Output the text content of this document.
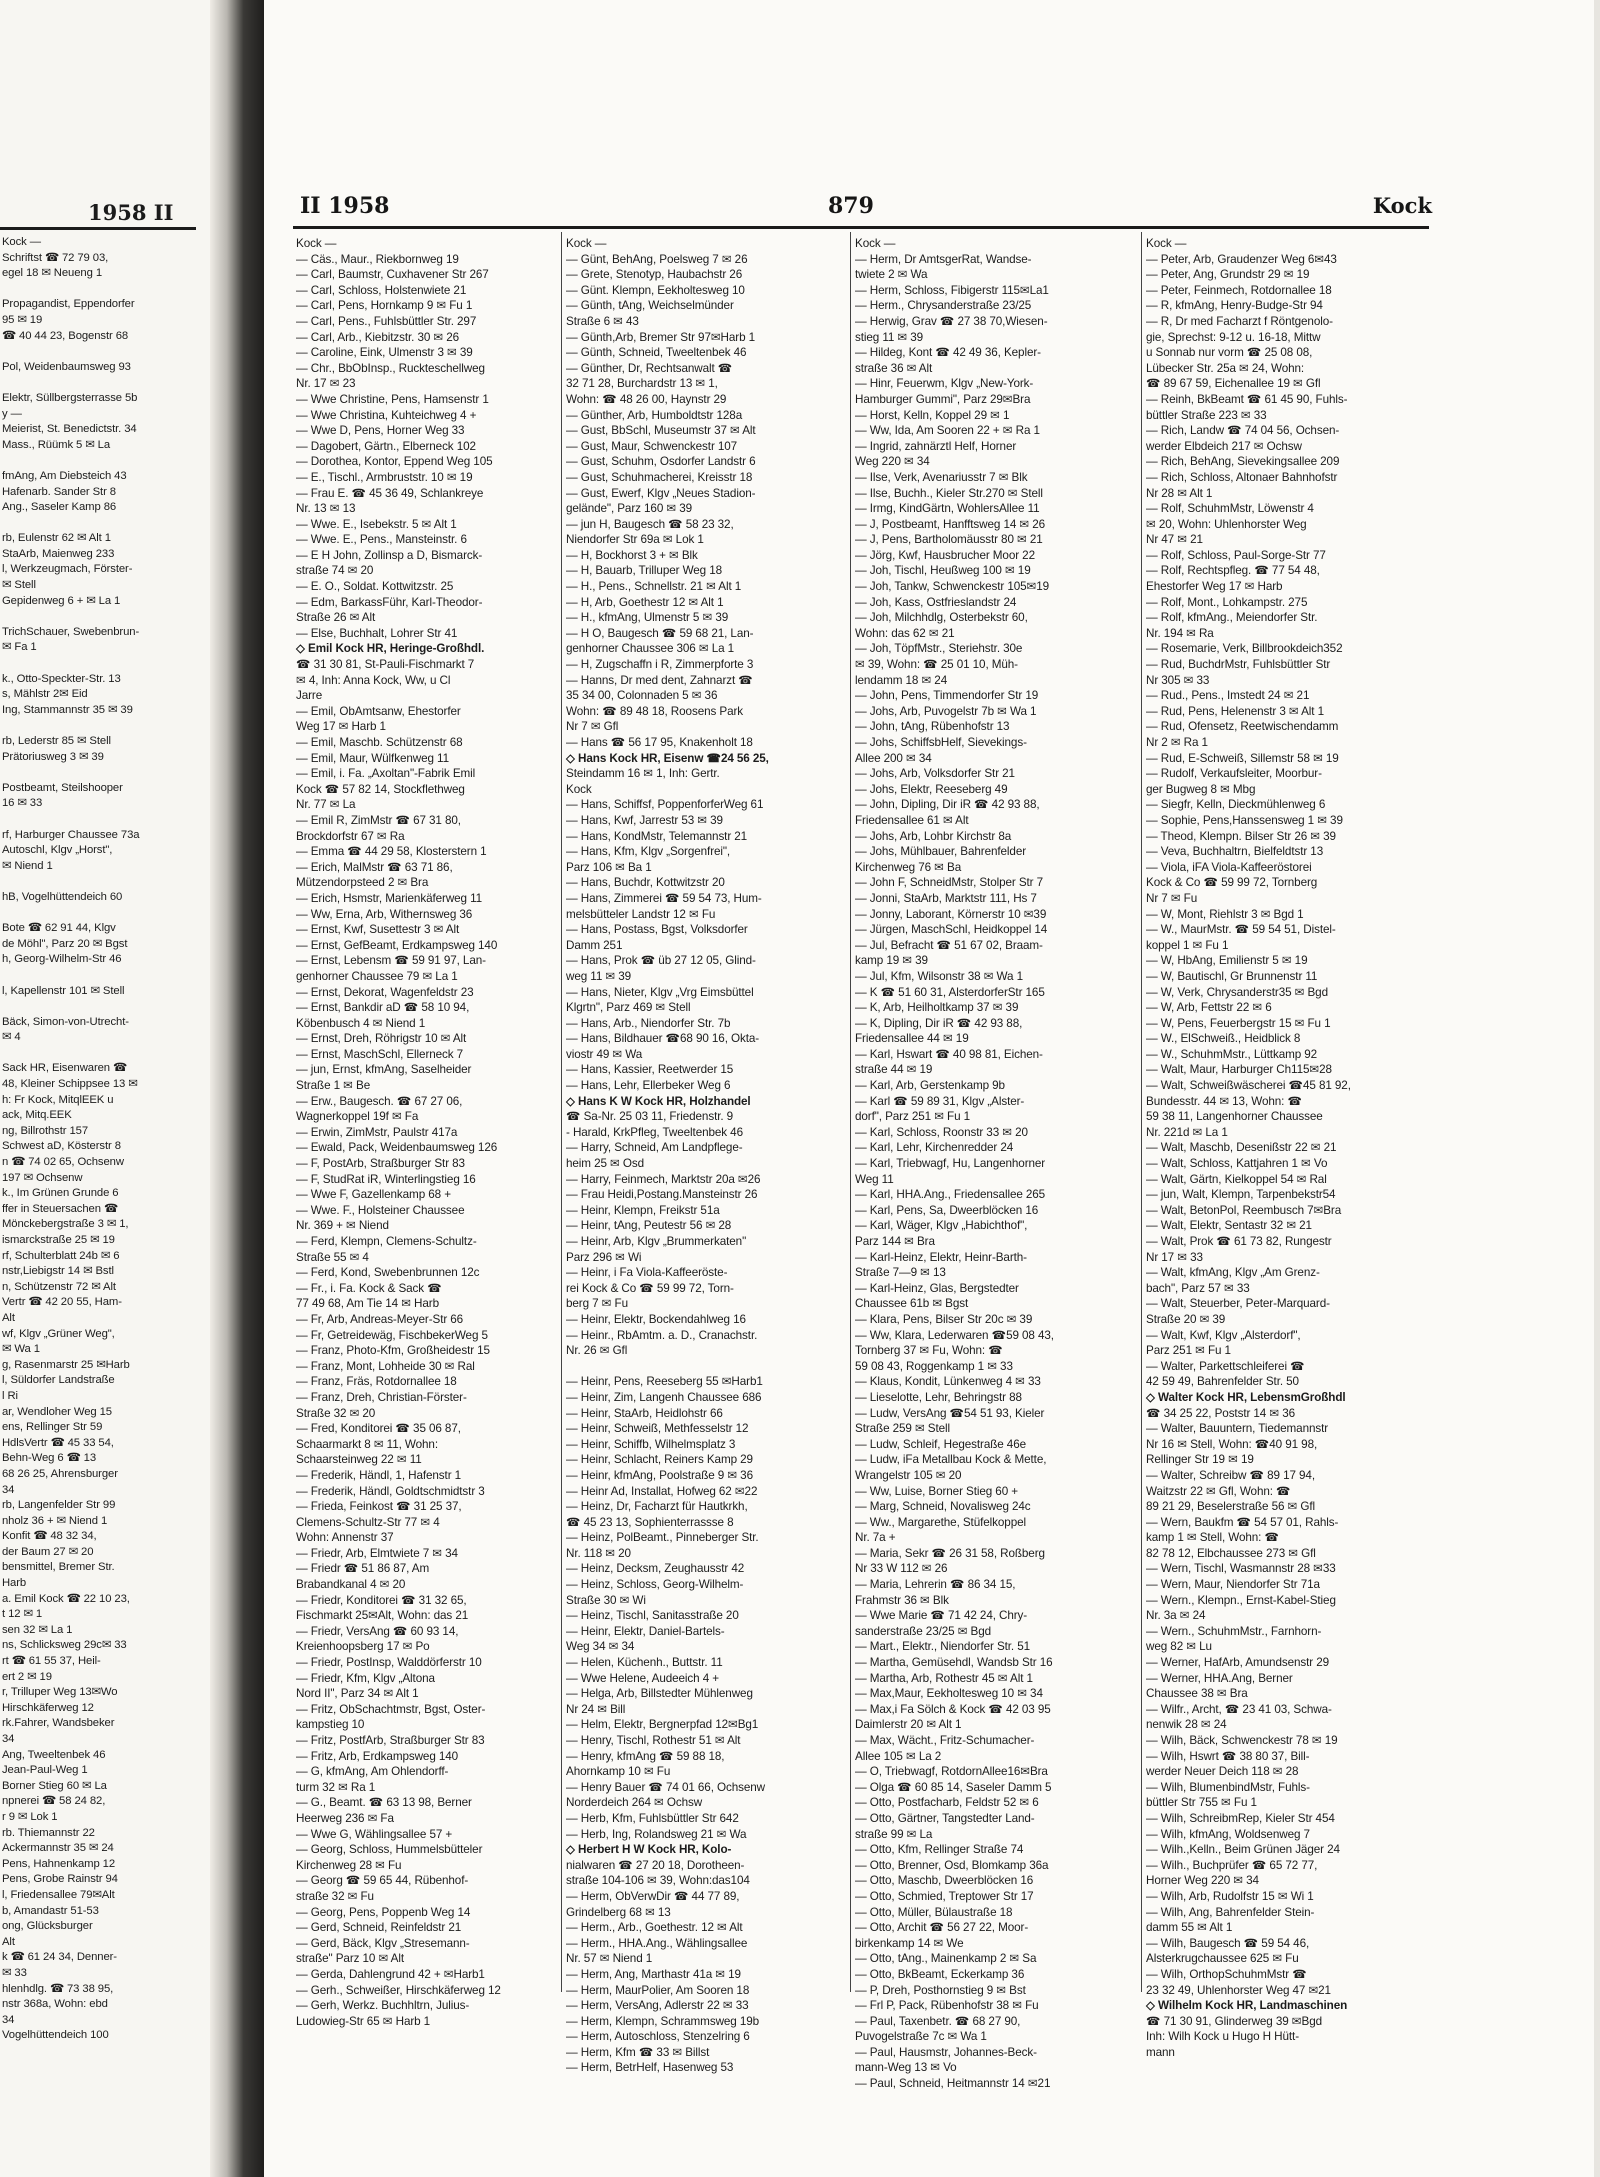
1958 II
Kock —
Schriftst ☎ 72 79 03,
egel 18 ✉ Neueng 1
Propagandist, Eppendorfer
95 ✉ 19
☎ 40 44 23, Bogenstr 68
Pol, Weidenbaumsweg 93
Elektr, Süllbergsterrasse 5b
y —
Meierist, St. Benedictstr. 34
Mass., Rüümk 5 ✉ La
fmAng, Am Diebsteich 43
Hafenarb. Sander Str 8
Ang., Saseler Kamp 86
rb, Eulenstr 62 ✉ Alt 1
StaArb, Maienweg 233
l, Werkzeugmach, Förster-
✉ Stell
Gepidenweg 6 + ✉ La 1
TrichSchauer, Swebenbrun-
✉ Fa 1
k., Otto-Speckter-Str. 13
s, Mählstr 2✉ Eid
Ing, Stammannstr 35 ✉ 39
rb, Lederstr 85 ✉ Stell
Prätoriusweg 3 ✉ 39
Postbeamt, Steilshooper
16 ✉ 33
rf, Harburger Chaussee 73a
Autoschl, Klgv „Horst",
✉ Niend 1
hB, Vogelhüttendeich 60
Bote ☎ 62 91 44, Klgv
de Möhl", Parz 20 ✉ Bgst
h, Georg-Wilhelm-Str 46
l, Kapellenstr 101 ✉ Stell
Bäck, Simon-von-Utrecht-
✉ 4
Sack HR, Eisenwaren ☎
48, Kleiner Schippsee 13 ✉
h: Fr Kock, MitqlEEK u
ack, Mitq.EEK
ng, Billrothstr 157
Schwest aD, Kösterstr 8
n ☎ 74 02 65, Ochsenw
197 ✉ Ochsenw
k., Im Grünen Grunde 6
ffer in Steuersachen ☎
Mönckebergstraße 3 ✉ 1,
ismarckstraße 25 ✉ 19
rf, Schulterblatt 24b ✉ 6
nstr,Liebigstr 14 ✉ Bstl
n, Schützenstr 72 ✉ Alt
Vertr ☎ 42 20 55, Ham-
Alt
wf, Klgv „Grüner Weg",
✉ Wa 1
g, Rasenmarstr 25 ✉Harb
l, Süldorfer Landstraße
l Ri
ar, Wendloher Weg 15
ens, Rellinger Str 59
HdlsVertr ☎ 45 33 54,
Behn-Weg 6 ☎ 13
68 26 25, Ahrensburger
34
rb, Langenfelder Str 99
nholz 36 + ✉ Niend 1
Konfit ☎ 48 32 34,
der Baum 27 ✉ 20
bensmittel, Bremer Str.
Harb
a. Emil Kock ☎ 22 10 23,
t 12 ✉ 1
sen 32 ✉ La 1
ns, Schlicksweg 29c✉ 33
rt ☎ 61 55 37, Heil-
ert 2 ✉ 19
r, Trilluper Weg 13✉Wo
Hirschkäferweg 12
rk.Fahrer, Wandsbeker
34
Ang, Tweeltenbek 46
Jean-Paul-Weg 1
Borner Stieg 60 ✉ La
npnerei ☎ 58 24 82,
r 9 ✉ Lok 1
rb. Thiemannstr 22
Ackermannstr 35 ✉ 24
Pens, Hahnenkamp 12
Pens, Grobe Rainstr 94
l, Friedensallee 79✉Alt
b, Amandastr 51-53
ong, Glücksburger
Alt
k ☎ 61 24 34, Denner-
✉ 33
hlenhdlg. ☎ 73 38 95,
nstr 368a, Wohn: ebd
34
Vogelhüttendeich 100
II 1958	879	Kock
Kock —
— Cäs., Maur., Riekbornweg 19
— Carl, Baumstr, Cuxhavener Str 267
— Carl, Schloss, Holstenwiete 21
— Carl, Pens, Hornkamp 9 ✉ Fu 1
— Carl, Pens., Fuhlsbüttler Str. 297
— Carl, Arb., Kiebitzstr. 30 ✉ 26
— Caroline, Eink, Ulmenstr 3 ✉ 39
— Chr., BbObInsp., Ruckteschellweg
Nr. 17 ✉ 23
— Wwe Christine, Pens, Hamsenstr 1
— Wwe Christina, Kuhteichweg 4 +
— Wwe D, Pens, Horner Weg 33
— Dagobert, Gärtn., Elberneck 102
— Dorothea, Kontor, Eppend Weg 105
— E., Tischl., Armbruststr. 10 ✉ 19
— Frau E. ☎ 45 36 49, Schlankreye
Nr. 13 ✉ 13
— Wwe. E., Isebekstr. 5 ✉ Alt 1
— Wwe. E., Pens., Mansteinstr. 6
— E H John, Zollinsp a D, Bismarck-
straße 74 ✉ 20
— E. O., Soldat. Kottwitzstr. 25
— Edm, BarkassFühr, Karl-Theodor-
Straße 26 ✉ Alt
— Else, Buchhalt, Lohrer Str 41
◇ Emil Kock HR, Heringe-Großhdl.
☎ 31 30 81, St-Pauli-Fischmarkt 7
✉ 4, Inh: Anna Kock, Ww, u Cl
Jarre
— Emil, ObAmtsanw, Ehestorfer
Weg 17 ✉ Harb 1
— Emil, Maschb. Schützenstr 68
— Emil, Maur, Wülfkenweg 11
— Emil, i. Fa. „Axoltan"-Fabrik Emil
Kock ☎ 57 82 14, Stockflethweg
Nr. 77 ✉ La
— Emil R, ZimMstr ☎ 67 31 80,
Brockdorfstr 67 ✉ Ra
— Emma ☎ 44 29 58, Klosterstern 1
— Erich, MalMstr ☎ 63 71 86,
Mützendorpsteed 2 ✉ Bra
— Erich, Hsmstr, Marienkäferweg 11
— Ww, Erna, Arb, Withernsweg 36
— Ernst, Kwf, Susettestr 3 ✉ Alt
— Ernst, GefBeamt, Erdkampsweg 140
— Ernst, Lebensm ☎ 59 91 97, Lan-
genhorner Chaussee 79 ✉ La 1
— Ernst, Dekorat, Wagenfeldstr 23
— Ernst, Bankdir aD ☎ 58 10 94,
Köbenbusch 4 ✉ Niend 1
— Ernst, Dreh, Röhrigstr 10 ✉ Alt
— Ernst, MaschSchl, Ellerneck 7
— jun, Ernst, kfmAng, Saselheider
Straße 1 ✉ Be
— Erw., Baugesch. ☎ 67 27 06,
Wagnerkoppel 19f ✉ Fa
— Erwin, ZimMstr, Paulstr 417a
— Ewald, Pack, Weidenbaumsweg 126
— F, PostArb, Straßburger Str 83
— F, StudRat iR, Winterlingstieg 16
— Wwe F, Gazellenkamp 68 +
— Wwe. F., Holsteiner Chaussee
Nr. 369 + ✉ Niend
— Ferd, Klempn, Clemens-Schultz-
Straße 55 ✉ 4
— Ferd, Kond, Swebenbrunnen 12c
— Fr., i. Fa. Kock & Sack ☎
77 49 68, Am Tie 14 ✉ Harb
— Fr, Arb, Andreas-Meyer-Str 66
— Fr, Getreidewäg, FischbekerWeg 5
— Franz, Photo-Kfm, Großheidestr 15
— Franz, Mont, Lohheide 30 ✉ Ral
— Franz, Fräs, Rotdornallee 18
— Franz, Dreh, Christian-Förster-
Straße 32 ✉ 20
— Fred, Konditorei ☎ 35 06 87,
Schaarmarkt 8 ✉ 11, Wohn:
Schaarsteinweg 22 ✉ 11
— Frederik, Händl, 1, Hafenstr 1
— Frederik, Händl, Goldtschmidtstr 3
— Frieda, Feinkost ☎ 31 25 37,
Clemens-Schultz-Str 77 ✉ 4
Wohn: Annenstr 37
— Friedr, Arb, Elmtwiete 7 ✉ 34
— Friedr ☎ 51 86 87, Am
Brabandkanal 4 ✉ 20
— Friedr, Konditorei ☎ 31 32 65,
Fischmarkt 25✉Alt, Wohn: das 21
— Friedr, VersAng ☎ 60 93 14,
Kreienhoopsberg 17 ✉ Po
— Friedr, PostInsp, Walddörferstr 10
— Friedr, Kfm, Klgv „Altona
Nord II", Parz 34 ✉ Alt 1
— Fritz, ObSchachtmstr, Bgst, Oster-
kampstieg 10
— Fritz, PostfArb, Straßburger Str 83
— Fritz, Arb, Erdkampsweg 140
— G, kfmAng, Am Ohlendorff-
turm 32 ✉ Ra 1
— G., Beamt. ☎ 63 13 98, Berner
Heerweg 236 ✉ Fa
— Wwe G, Wählingsallee 57 +
— Georg, Schloss, Hummelsbütteler
Kirchenweg 28 ✉ Fu
— Georg ☎ 59 65 44, Rübenhof-
straße 32 ✉ Fu
— Georg, Pens, Poppenb Weg 14
— Gerd, Schneid, Reinfeldstr 21
— Gerd, Bäck, Klgv „Stresemann-
straße" Parz 10 ✉ Alt
— Gerda, Dahlengrund 42 + ✉Harb1
— Gerh., Schweißer, Hirschkäferweg 12
— Gerh, Werkz. Buchhltrn, Julius-
Ludowieg-Str 65 ✉ Harb 1
Kock —
— Günt, BehAng, Poelsweg 7 ✉ 26
— Grete, Stenotyp, Haubachstr 26
— Günt. Klempn, Eekholtesweg 10
— Günth, tAng, Weichselmünder
Straße 6 ✉ 43
— Günth,Arb, Bremer Str 97✉Harb 1
— Günth, Schneid, Tweeltenbek 46
— Günther, Dr, Rechtsanwalt ☎
32 71 28, Burchardstr 13 ✉ 1,
Wohn: ☎ 48 26 00, Haynstr 29
— Günther, Arb, Humboldtstr 128a
— Gust, BbSchl, Museumstr 37 ✉ Alt
— Gust, Maur, Schwenckestr 107
— Gust, Schuhm, Osdorfer Landstr 6
— Gust, Schuhmacherei, Kreisstr 18
— Gust, Ewerf, Klgv „Neues Stadion-
gelände", Parz 160 ✉ 39
— jun H, Baugesch ☎ 58 23 32,
Niendorfer Str 69a ✉ Lok 1
— H, Bockhorst 3 + ✉ Blk
— H, Bauarb, Trilluper Weg 18
— H., Pens., Schnellstr. 21 ✉ Alt 1
— H, Arb, Goethestr 12 ✉ Alt 1
— H., kfmAng, Ulmenstr 5 ✉ 39
— H O, Baugesch ☎ 59 68 21, Lan-
genhorner Chaussee 306 ✉ La 1
— H, Zugschaffn i R, Zimmerpforte 3
— Hanns, Dr med dent, Zahnarzt ☎
35 34 00, Colonnaden 5 ✉ 36
Wohn: ☎ 89 48 18, Roosens Park
Nr 7 ✉ Gfl
— Hans ☎ 56 17 95, Knakenholt 18
◇ Hans Kock HR, Eisenw ☎24 56 25,
Steindamm 16 ✉ 1, Inh: Gertr.
Kock
— Hans, Schiffsf, PoppenforferWeg 61
— Hans, Kwf, Jarrestr 53 ✉ 39
— Hans, KondMstr, Telemannstr 21
— Hans, Kfm, Klgv „Sorgenfrei",
Parz 106 ✉ Ba 1
— Hans, Buchdr, Kottwitzstr 20
— Hans, Zimmerei ☎ 59 54 73, Hum-
melsbütteler Landstr 12 ✉ Fu
— Hans, Postass, Bgst, Volksdorfer
Damm 251
— Hans, Prok ☎ üb 27 12 05, Glind-
weg 11 ✉ 39
— Hans, Nieter, Klgv „Vrg Eimsbüttel
Klgrtn", Parz 469 ✉ Stell
— Hans, Arb., Niendorfer Str. 7b
— Hans, Bildhauer ☎68 90 16, Okta-
viostr 49 ✉ Wa
— Hans, Kassier, Reetwerder 15
— Hans, Lehr, Ellerbeker Weg 6
◇ Hans K W Kock HR, Holzhandel
☎ Sa-Nr. 25 03 11, Friedenstr. 9
- Harald, KrkPfleg, Tweeltenbek 46
— Harry, Schneid, Am Landpflege-
heim 25 ✉ Osd
— Harry, Feinmech, Marktstr 20a ✉26
— Frau Heidi,Postang.Mansteinstr 26
— Heinr, Klempn, Freikstr 51a
— Heinr, tAng, Peutestr 56 ✉ 28
— Heinr, Arb, Klgv „Brummerkaten"
Parz 296 ✉ Wi
— Heinr, i Fa Viola-Kaffeeröste-
rei Kock & Co ☎ 59 99 72, Torn-
berg 7 ✉ Fu
— Heinr, Elektr, Bockendahlweg 16
— Heinr., RbAmtm. a. D., Cranachstr.
Nr. 26 ✉ Gfl
— Heinr, Pens, Reeseberg 55 ✉Harb1
— Heinr, Zim, Langenh Chaussee 686
— Heinr, StaArb, Heidlohstr 66
— Heinr, Schweiß, Methfesselstr 12
— Heinr, Schiffb, Wilhelmsplatz 3
— Heinr, Schlacht, Reiners Kamp 29
— Heinr, kfmAng, Poolstraße 9 ✉ 36
— Heinr Ad, Installat, Hofweg 62 ✉22
— Heinz, Dr, Facharzt für Hautkrkh,
☎ 45 23 13, Sophienterrassse 8
— Heinz, PolBeamt., Pinneberger Str.
Nr. 118 ✉ 20
— Heinz, Decksm, Zeughausstr 42
— Heinz, Schloss, Georg-Wilhelm-
Straße 30 ✉ Wi
— Heinz, Tischl, Sanitasstraße 20
— Heinr, Elektr, Daniel-Bartels-
Weg 34 ✉ 34
— Helen, Küchenh., Buttstr. 11
— Wwe Helene, Audeeich 4 +
— Helga, Arb, Billstedter Mühlenweg
Nr 24 ✉ Bill
— Helm, Elektr, Bergnerpfad 12✉Bg1
— Henry, Tischl, Rothestr 51 ✉ Alt
— Henry, kfmAng ☎ 59 88 18,
Ahornkamp 10 ✉ Fu
— Henry Bauer ☎ 74 01 66, Ochsenw
Norderdeich 264 ✉ Ochsw
— Herb, Kfm, Fuhlsbüttler Str 642
— Herb, Ing, Rolandsweg 21 ✉ Wa
◇ Herbert H W Kock HR, Kolo-
nialwaren ☎ 27 20 18, Dorotheen-
straße 104-106 ✉ 39, Wohn:das104
— Herm, ObVerwDir ☎ 44 77 89,
Grindelberg 68 ✉ 13
— Herm., Arb., Goethestr. 12 ✉ Alt
— Herm., HHA.Ang., Wählingsallee
Nr. 57 ✉ Niend 1
— Herm, Ang, Marthastr 41a ✉ 19
— Herm, MaurPolier, Am Sooren 18
— Herm, VersAng, Adlerstr 22 ✉ 33
— Herm, Klempn, Schrammsweg 19b
— Herm, Autoschloss, Stenzelring 6
— Herm, Kfm ☎ 33 ✉ Billst
— Herm, BetrHelf, Hasenweg 53
Kock —
— Herm, Dr AmtsgerRat, Wandse-
twiete 2 ✉ Wa
— Herm, Schloss, Fibigerstr 115✉La1
— Herm., Chrysanderstraße 23/25
— Herwig, Grav ☎ 27 38 70,Wiesen-
stieg 11 ✉ 39
— Hildeg, Kont ☎ 42 49 36, Kepler-
straße 36 ✉ Alt
— Hinr, Feuerwm, Klgv „New-York-
Hamburger Gummi", Parz 29✉Bra
— Horst, Kelln, Koppel 29 ✉ 1
— Ww, Ida, Am Sooren 22 + ✉ Ra 1
— Ingrid, zahnärztl Helf, Horner
Weg 220 ✉ 34
— Ilse, Verk, Avenariusstr 7 ✉ Blk
— Ilse, Buchh., Kieler Str.270 ✉ Stell
— Irmg, KindGärtn, WohlersAllee 11
— J, Postbeamt, Hanfftsweg 14 ✉ 26
— J, Pens, Bartholomäusstr 80 ✉ 21
— Jörg, Kwf, Hausbrucher Moor 22
— Joh, Tischl, Heußweg 100 ✉ 19
— Joh, Tankw, Schwenckestr 105✉19
— Joh, Kass, Ostfrieslandstr 24
— Joh, Milchhdlg, Osterbekstr 60,
Wohn: das 62 ✉ 21
— Joh, TöpfMstr., Steriehstr. 30e
✉ 39, Wohn: ☎ 25 01 10, Müh-
lendamm 18 ✉ 24
— John, Pens, Timmendorfer Str 19
— Johs, Arb, Puvogelstr 7b ✉ Wa 1
— John, tAng, Rübenhofstr 13
— Johs, SchiffsbHelf, Sievekings-
Allee 200 ✉ 34
— Johs, Arb, Volksdorfer Str 21
— Johs, Elektr, Reeseberg 49
— John, Dipling, Dir iR ☎ 42 93 88,
Friedensallee 61 ✉ Alt
— Johs, Arb, Lohbr Kirchstr 8a
— Johs, Mühlbauer, Bahrenfelder
Kirchenweg 76 ✉ Ba
— John F, SchneidMstr, Stolper Str 7
— Jonni, StaArb, Marktstr 111, Hs 7
— Jonny, Laborant, Körnerstr 10 ✉39
— Jürgen, MaschSchl, Heidkoppel 14
— Jul, Befracht ☎ 51 67 02, Braam-
kamp 19 ✉ 39
— Jul, Kfm, Wilsonstr 38 ✉ Wa 1
— K ☎ 51 60 31, AlsterdorferStr 165
— K, Arb, Heilholtkamp 37 ✉ 39
— K, Dipling, Dir iR ☎ 42 93 88,
Friedensallee 44 ✉ 19
— Karl, Hswart ☎ 40 98 81, Eichen-
straße 44 ✉ 19
— Karl, Arb, Gerstenkamp 9b
— Karl ☎ 59 89 31, Klgv „Alster-
dorf", Parz 251 ✉ Fu 1
— Karl, Schloss, Roonstr 33 ✉ 20
— Karl, Lehr, Kirchenredder 24
— Karl, Triebwagf, Hu, Langenhorner
Weg 11
— Karl, HHA.Ang., Friedensallee 265
— Karl, Pens, Sa, Dweerblöcken 16
— Karl, Wäger, Klgv „Habichthof",
Parz 144 ✉ Bra
— Karl-Heinz, Elektr, Heinr-Barth-
Straße 7—9 ✉ 13
— Karl-Heinz, Glas, Bergstedter
Chaussee 61b ✉ Bgst
— Klara, Pens, Bilser Str 20c ✉ 39
— Ww, Klara, Lederwaren ☎59 08 43,
Tornberg 37 ✉ Fu, Wohn: ☎
59 08 43, Roggenkamp 1 ✉ 33
— Klaus, Kondit, Lünkenweg 4 ✉ 33
— Lieselotte, Lehr, Behringstr 88
— Ludw, VersAng ☎54 51 93, Kieler
Straße 259 ✉ Stell
— Ludw, Schleif, Hegestraße 46e
— Ludw, iFa Metallbau Kock & Mette,
Wrangelstr 105 ✉ 20
— Ww, Luise, Borner Stieg 60 +
— Marg, Schneid, Novalisweg 24c
— Ww., Margarethe, Stüfelkoppel
Nr. 7a +
— Maria, Sekr ☎ 26 31 58, Roßberg
Nr 33 W 112 ✉ 26
— Maria, Lehrerin ☎ 86 34 15,
Frahmstr 36 ✉ Blk
— Wwe Marie ☎ 71 42 24, Chry-
sanderstraße 23/25 ✉ Bgd
— Mart., Elektr., Niendorfer Str. 51
— Martha, Gemüsehdl, Wandsb Str 16
— Martha, Arb, Rothestr 45 ✉ Alt 1
— Max,Maur, Eekholtesweg 10 ✉ 34
— Max,i Fa Sölch & Kock ☎ 42 03 95
Daimlerstr 20 ✉ Alt 1
— Max, Wächt., Fritz-Schumacher-
Allee 105 ✉ La 2
— O, Triebwagf, RotdornAllee16✉Bra
— Olga ☎ 60 85 14, Saseler Damm 5
— Otto, Postfacharb, Feldstr 52 ✉ 6
— Otto, Gärtner, Tangstedter Land-
straße 99 ✉ La
— Otto, Kfm, Rellinger Straße 74
— Otto, Brenner, Osd, Blomkamp 36a
— Otto, Maschb, Dweerblöcken 16
— Otto, Schmied, Treptower Str 17
— Otto, Müller, Bülaustraße 18
— Otto, Archit ☎ 56 27 22, Moor-
birkenkamp 14 ✉ We
— Otto, tAng., Mainenkamp 2 ✉ Sa
— Otto, BkBeamt, Eckerkamp 36
— P, Dreh, Posthornstieg 9 ✉ Bst
— Frl P, Pack, Rübenhofstr 38 ✉ Fu
— Paul, Taxenbetr. ☎ 68 27 90,
Puvogelstraße 7c ✉ Wa 1
— Paul, Hausmstr, Johannes-Beck-
mann-Weg 13 ✉ Vo
— Paul, Schneid, Heitmannstr 14 ✉21
Kock —
— Peter, Arb, Graudenzer Weg 6✉43
— Peter, Ang, Grundstr 29 ✉ 19
— Peter, Feinmech, Rotdornallee 18
— R, kfmAng, Henry-Budge-Str 94
— R, Dr med Facharzt f Röntgenolo-
gie, Sprechst: 9-12 u. 16-18, Mittw
u Sonnab nur vorm ☎ 25 08 08,
Lübecker Str. 25a ✉ 24, Wohn:
☎ 89 67 59, Eichenallee 19 ✉ Gfl
— Reinh, BkBeamt ☎ 61 45 90, Fuhls-
büttler Straße 223 ✉ 33
— Rich, Landw ☎ 74 04 56, Ochsen-
werder Elbdeich 217 ✉ Ochsw
— Rich, BehAng, Sievekingsallee 209
— Rich, Schloss, Altonaer Bahnhofstr
Nr 28 ✉ Alt 1
— Rolf, SchuhmMstr, Löwenstr 4
✉ 20, Wohn: Uhlenhorster Weg
Nr 47 ✉ 21
— Rolf, Schloss, Paul-Sorge-Str 77
— Rolf, Rechtspfleg. ☎ 77 54 48,
Ehestorfer Weg 17 ✉ Harb
— Rolf, Mont., Lohkampstr. 275
— Rolf, kfmAng., Meiendorfer Str.
Nr. 194 ✉ Ra
— Rosemarie, Verk, Billbrookdeich352
— Rud, BuchdrMstr, Fuhlsbüttler Str
Nr 305 ✉ 33
— Rud., Pens., Imstedt 24 ✉ 21
— Rud, Pens, Helenenstr 3 ✉ Alt 1
— Rud, Ofensetz, Reetwischendamm
Nr 2 ✉ Ra 1
— Rud, E-Schweiß, Sillemstr 58 ✉ 19
— Rudolf, Verkaufsleiter, Moorbur-
ger Bugweg 8 ✉ Mbg
— Siegfr, Kelln, Dieckmühlenweg 6
— Sophie, Pens,Hanssensweg 1 ✉ 39
— Theod, Klempn. Bilser Str 26 ✉ 39
— Veva, Buchhaltrn, Bielfeldtstr 13
— Viola, iFA Viola-Kaffeeröstorei
Kock & Co ☎ 59 99 72, Tornberg
Nr 7 ✉ Fu
— W, Mont, Riehlstr 3 ✉ Bgd 1
— W., MaurMstr. ☎ 59 54 51, Distel-
koppel 1 ✉ Fu 1
— W, HbAng, Emilienstr 5 ✉ 19
— W, Bautischl, Gr Brunnenstr 11
— W, Verk, Chrysanderstr35 ✉ Bgd
— W, Arb, Fettstr 22 ✉ 6
— W, Pens, Feuerbergstr 15 ✉ Fu 1
— W., ElSchweiß., Heidblick 8
— W., SchuhmMstr., Lüttkamp 92
— Walt, Maur, Harburger Ch115✉28
— Walt, Schweißwäscherei ☎45 81 92,
Bundesstr. 44 ✉ 13, Wohn: ☎
59 38 11, Langenhorner Chaussee
Nr. 221d ✉ La 1
— Walt, Maschb, Desenißstr 22 ✉ 21
— Walt, Schloss, Kattjahren 1 ✉ Vo
— Walt, Gärtn, Kielkoppel 54 ✉ Ral
— jun, Walt, Klempn, Tarpenbekstr54
— Walt, BetonPol, Reembusch 7✉Bra
— Walt, Elektr, Sentastr 32 ✉ 21
— Walt, Prok ☎ 61 73 82, Rungestr
Nr 17 ✉ 33
— Walt, kfmAng, Klgv „Am Grenz-
bach", Parz 57 ✉ 33
— Walt, Steuerber, Peter-Marquard-
Straße 20 ✉ 39
— Walt, Kwf, Klgv „Alsterdorf",
Parz 251 ✉ Fu 1
— Walter, Parkettschleiferei ☎
42 59 49, Bahrenfelder Str. 50
◇ Walter Kock HR, LebensmGroßhdl
☎ 34 25 22, Poststr 14 ✉ 36
— Walter, Bauuntern, Tiedemannstr
Nr 16 ✉ Stell, Wohn: ☎40 91 98,
Rellinger Str 19 ✉ 19
— Walter, Schreibw ☎ 89 17 94,
Waitzstr 22 ✉ Gfl, Wohn: ☎
89 21 29, Beselerstraße 56 ✉ Gfl
— Wern, Baukfm ☎ 54 57 01, Rahls-
kamp 1 ✉ Stell, Wohn: ☎
82 78 12, Elbchaussee 273 ✉ Gfl
— Wern, Tischl, Wasmannstr 28 ✉33
— Wern, Maur, Niendorfer Str 71a
— Wern., Klempn., Ernst-Kabel-Stieg
Nr. 3a ✉ 24
— Wern., SchuhmMstr., Farnhorn-
weg 82 ✉ Lu
— Werner, HafArb, Amundsenstr 29
— Werner, HHA.Ang, Berner
Chaussee 38 ✉ Bra
— Wilfr., Archt, ☎ 23 41 03, Schwa-
nenwik 28 ✉ 24
— Wilh, Bäck, Schwenckestr 78 ✉ 19
— Wilh, Hswrt ☎ 38 80 37, Bill-
werder Neuer Deich 118 ✉ 28
— Wilh, BlumenbindMstr, Fuhls-
büttler Str 755 ✉ Fu 1
— Wilh, SchreibmRep, Kieler Str 454
— Wilh, kfmAng, Woldsenweg 7
— Wilh.,Kelln., Beim Grünen Jäger 24
— Wilh., Buchprüfer ☎ 65 72 77,
Horner Weg 220 ✉ 34
— Wilh, Arb, Rudolfstr 15 ✉ Wi 1
— Wilh, Ang, Bahrenfelder Stein-
damm 55 ✉ Alt 1
— Wilh, Baugesch ☎ 59 54 46,
Alsterkrugchaussee 625 ✉ Fu
— Wilh, OrthopSchuhmMstr ☎
23 32 49, Uhlenhorster Weg 47 ✉21
◇ Wilhelm Kock HR, Landmaschinen
☎ 71 30 91, Glinderweg 39 ✉Bgd
Inh: Wilh Kock u Hugo H Hütt-
mann
